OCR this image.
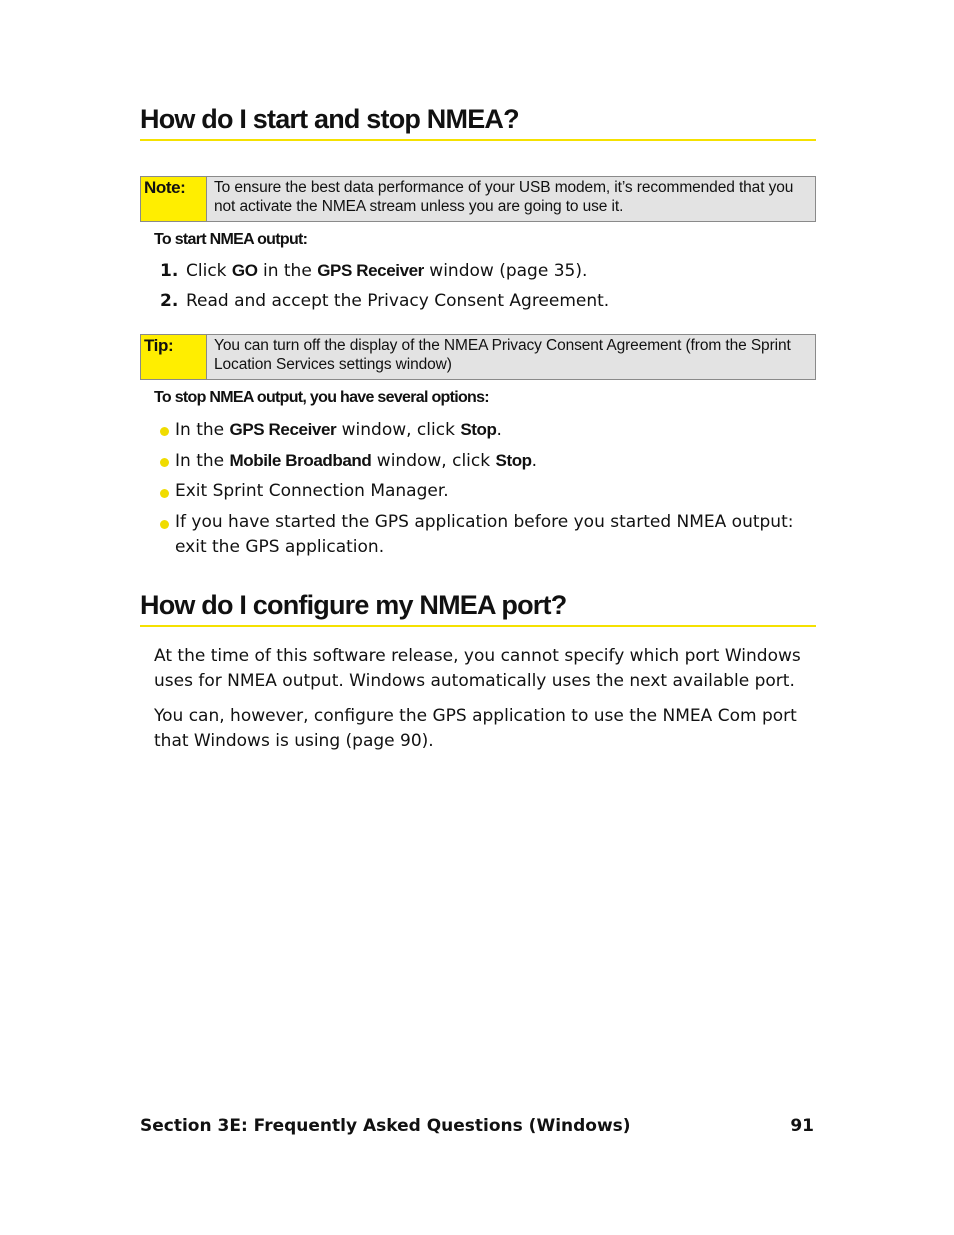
How do I start and stop NMEA?
Note:	To ensure the best data performance of your USB modem, it’s recommended that you not activate the NMEA stream unless you are going to use it.
To start NMEA output:
1. Click GO in the GPS Receiver window (page 35).
2. Read and accept the Privacy Consent Agreement.
Tip:	You can turn off the display of the NMEA Privacy Consent Agreement (from the Sprint Location Services settings window)
To stop NMEA output, you have several options:
In the GPS Receiver window, click Stop.
In the Mobile Broadband window, click Stop.
Exit Sprint Connection Manager.
If you have started the GPS application before you started NMEA output: exit the GPS application.
How do I configure my NMEA port?

At the time of this software release, you cannot specify which port Windows uses for NMEA output. Windows automatically uses the next available port.

You can, however, configure the GPS application to use the NMEA Com port that Windows is using (page 90).

Section 3E: Frequently Asked Questions (Windows)	91
